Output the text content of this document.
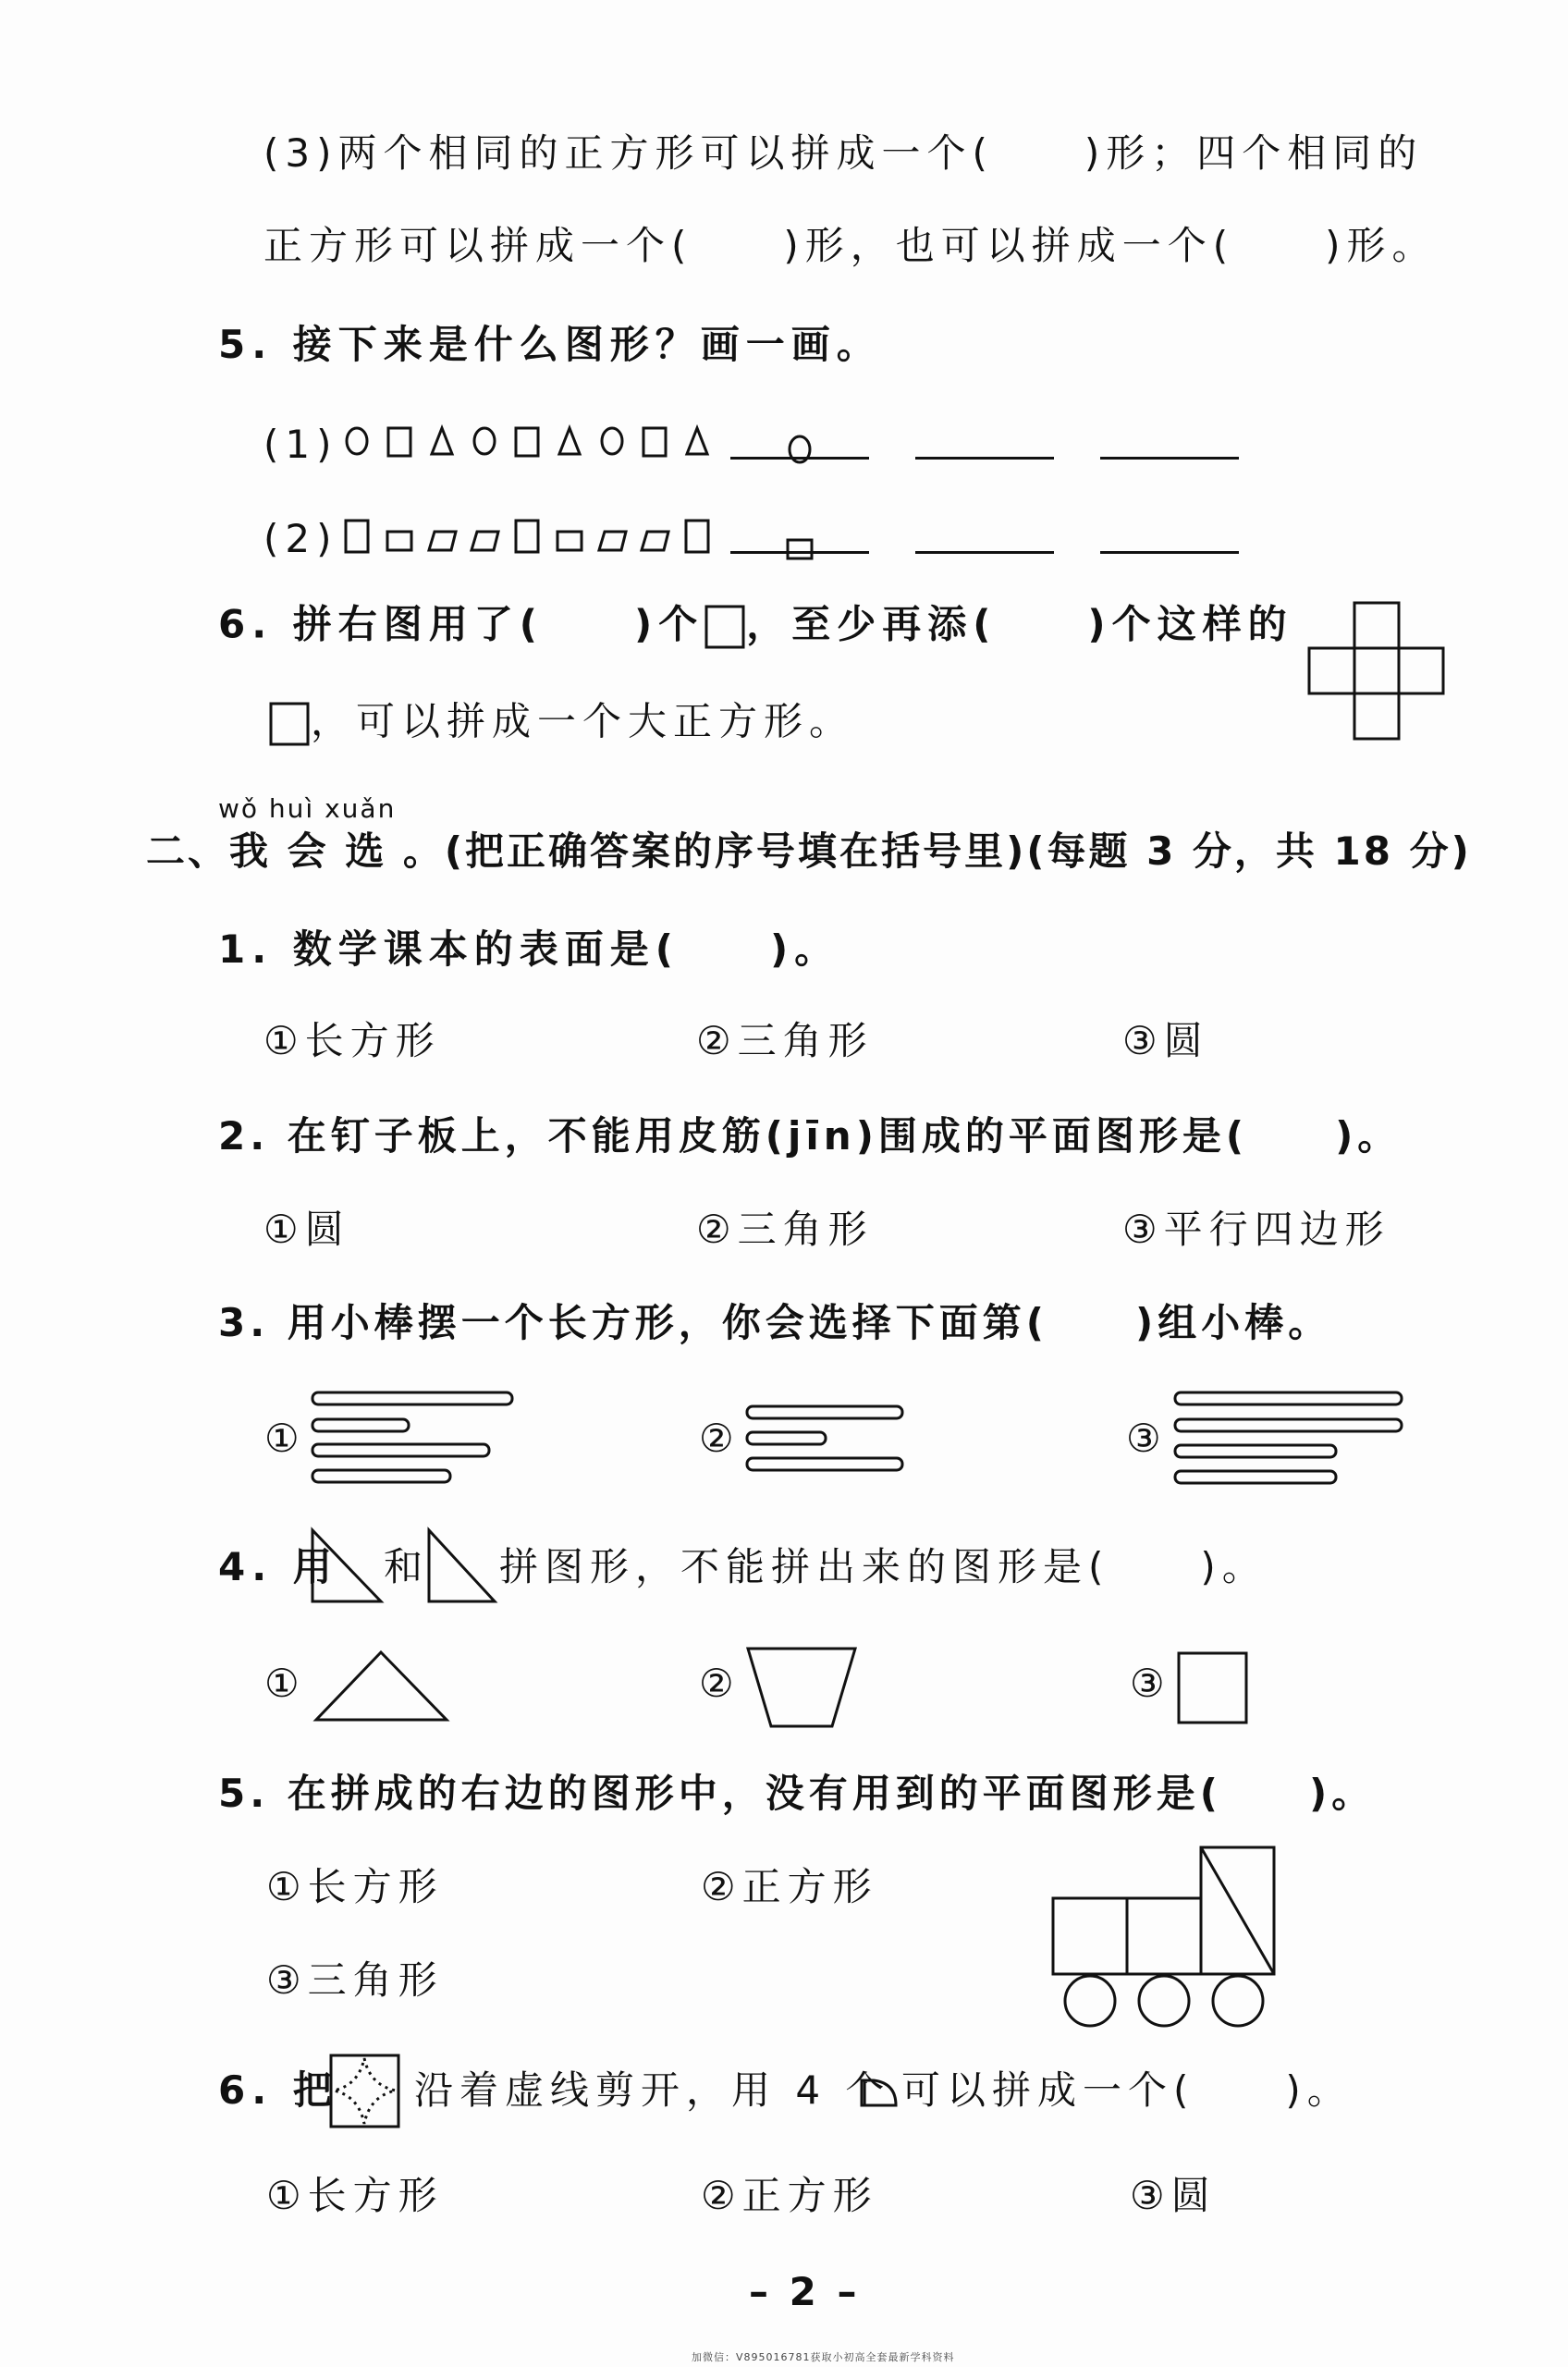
(3)两个相同的正方形可以拼成一个(　　)形；四个相同的
正方形可以拼成一个(　　)形，也可以拼成一个(　　)形。
5. 接下来是什么图形？画一画。
(1)
(2)
6. 拼右图用了(　　)个 ，至少再添(　　)个这样的
，可以拼成一个大正方形。
wǒ huì xuǎn
二、我 会 选 。(把正确答案的序号填在括号里)(每题 3 分，共 18 分)
1. 数学课本的表面是(　　)。
①长方形	②三角形	③圆
2. 在钉子板上，不能用皮筋(jīn)围成的平面图形是(　　)。
①圆	②三角形	③平行四边形
3. 用小棒摆一个长方形，你会选择下面第(　　)组小棒。
①	②	③
4. 用 和 拼图形，不能拼出来的图形是(　　)。
①	②	③
5. 在拼成的右边的图形中，没有用到的平面图形是(　　)。
①长方形	②正方形
③三角形
6. 把 沿着虚线剪开，用 4 个 可以拼成一个(　　)。
①长方形	②正方形	③圆
– 2 –
加微信：V895016781获取小初高全套最新学科资料
